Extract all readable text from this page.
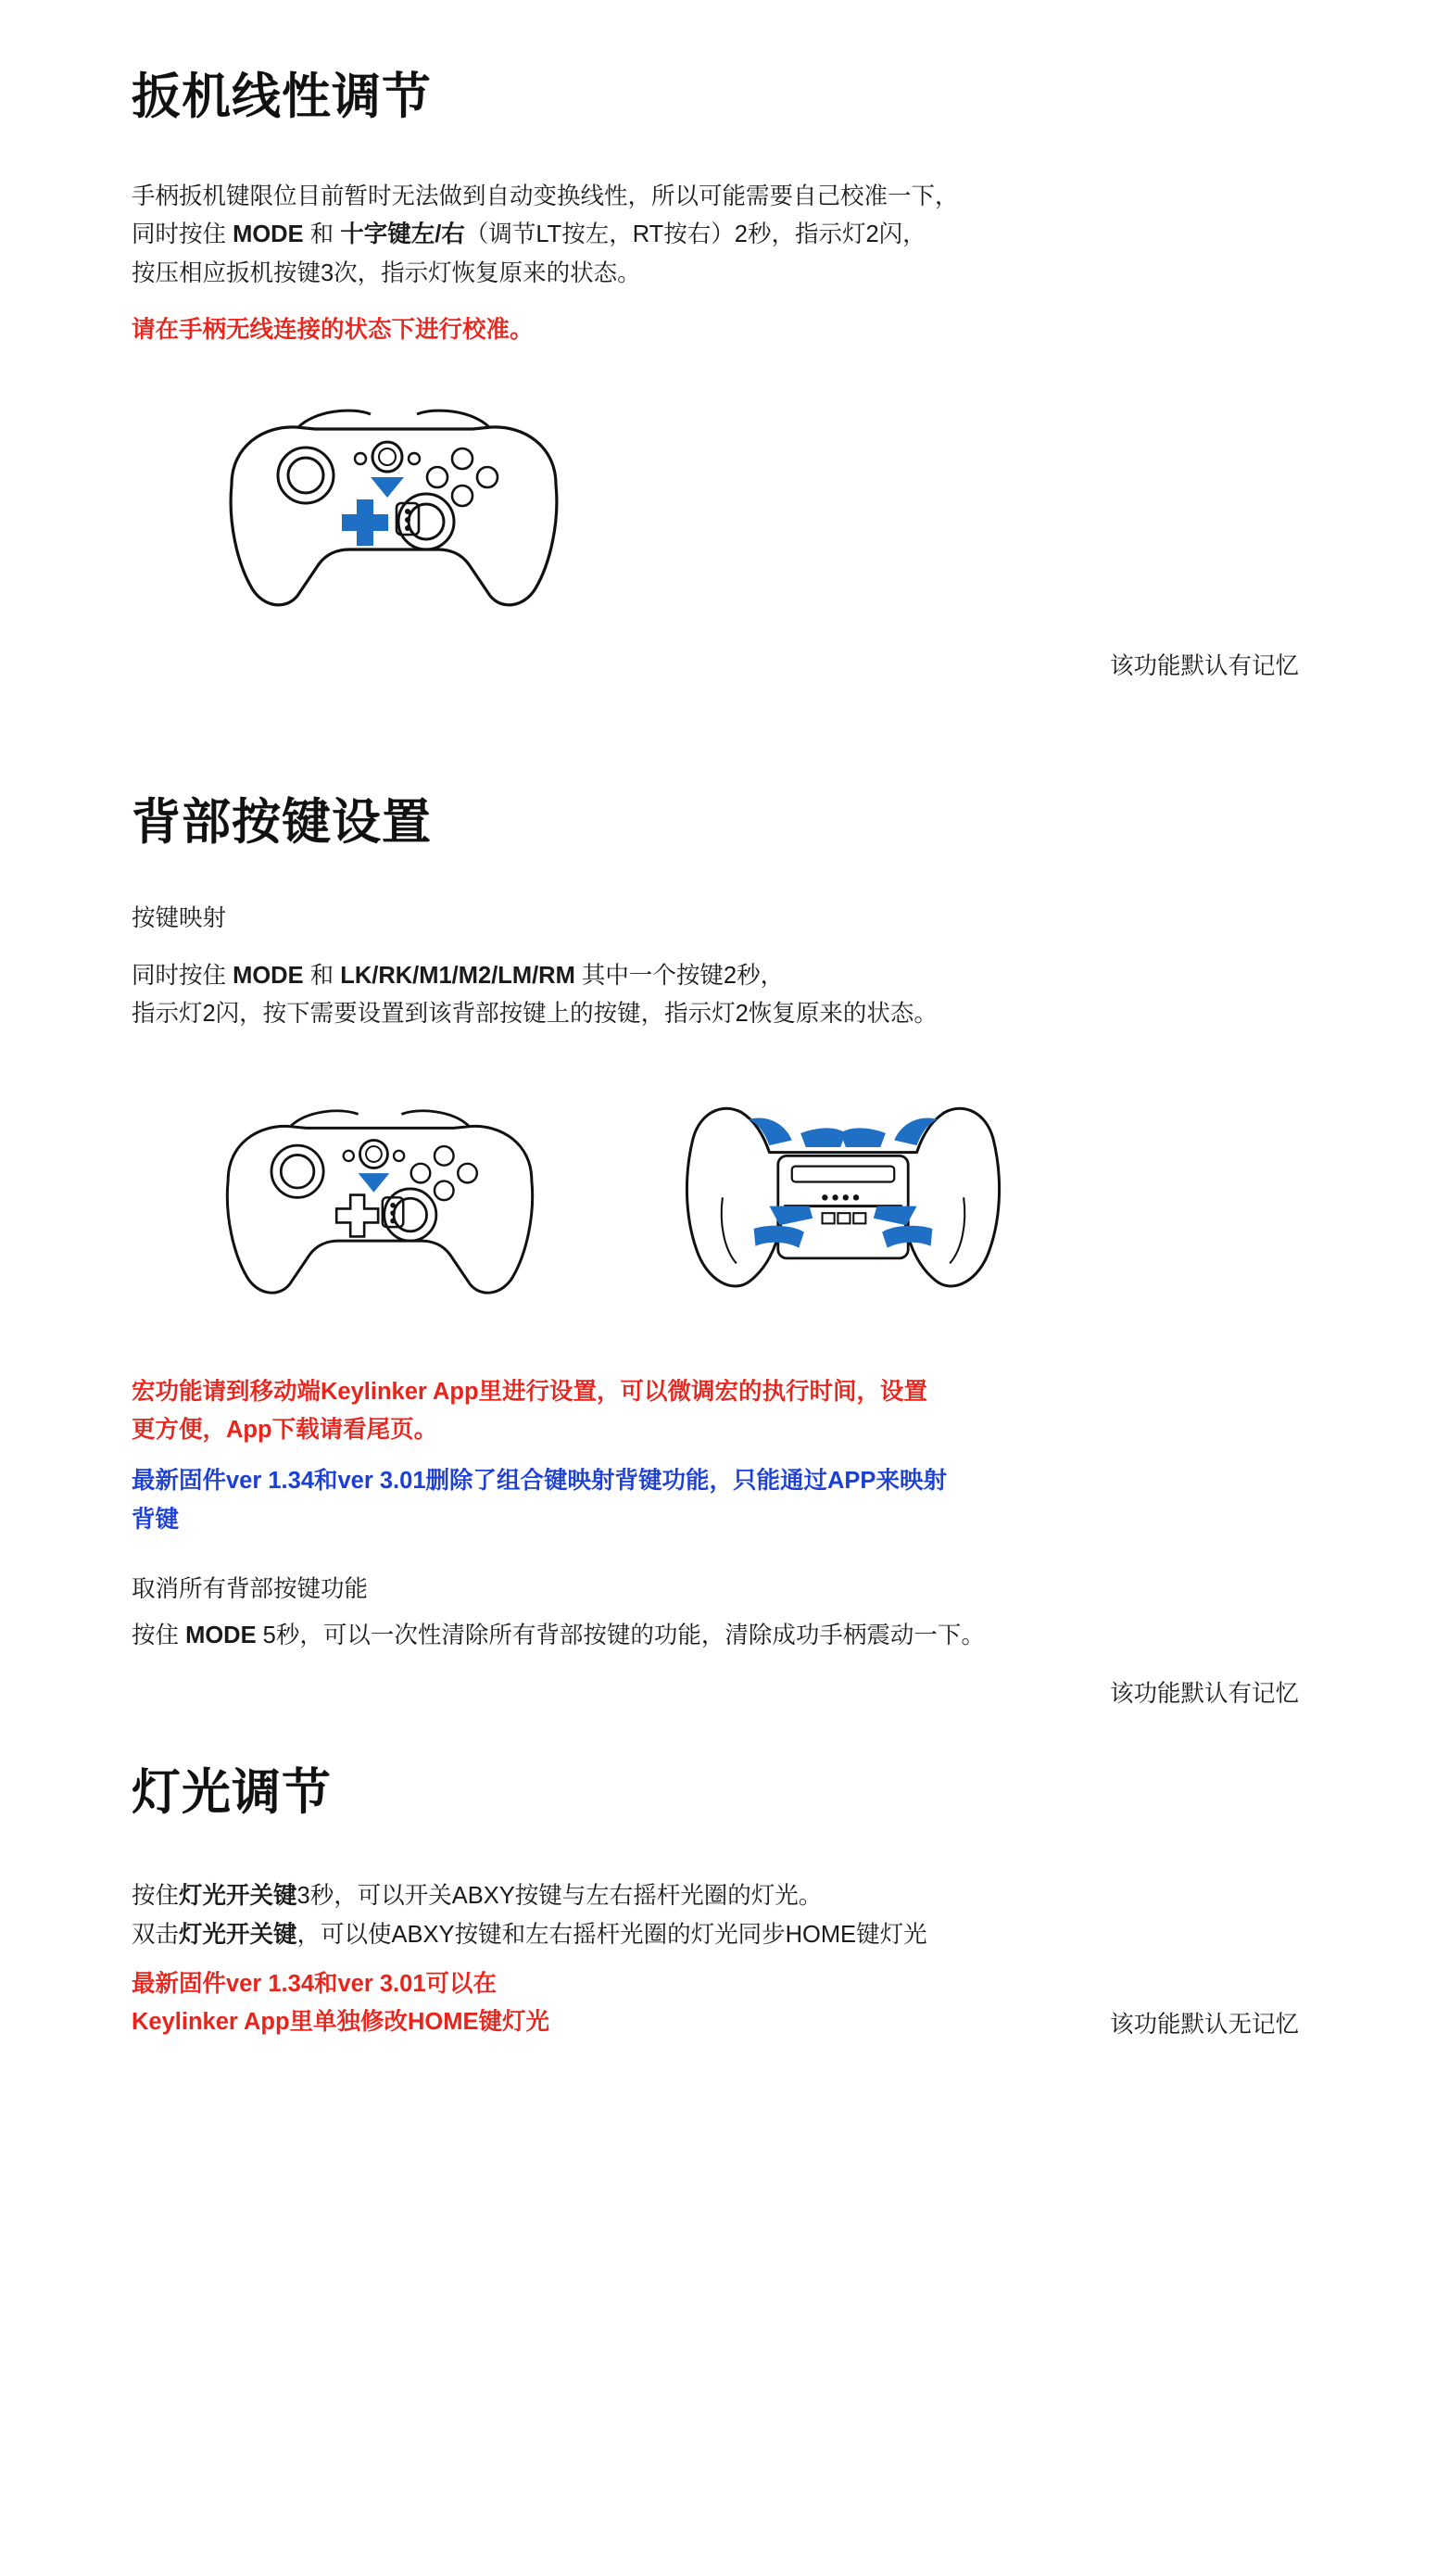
扳机线性调节
手柄扳机键限位目前暂时无法做到自动变换线性，所以可能需要自己校准一下，
同时按住 MODE 和 十字键左/右（调节LT按左，RT按右）2秒，指示灯2闪，
按压相应扳机按键3次，指示灯恢复原来的状态。
请在手柄无线连接的状态下进行校准。
该功能默认有记忆
背部按键设置
按键映射
同时按住 MODE 和 LK/RK/M1/M2/LM/RM 其中一个按键2秒，
指示灯2闪，按下需要设置到该背部按键上的按键，指示灯2恢复原来的状态。
宏功能请到移动端Keylinker App里进行设置，可以微调宏的执行时间，设置
更方便，App下载请看尾页。
最新固件ver 1.34和ver 3.01删除了组合键映射背键功能，只能通过APP来映射
背键
取消所有背部按键功能
按住 MODE 5秒，可以一次性清除所有背部按键的功能，清除成功手柄震动一下。
该功能默认有记忆
灯光调节
按住灯光开关键3秒，可以开关ABXY按键与左右摇杆光圈的灯光。
双击灯光开关键，可以使ABXY按键和左右摇杆光圈的灯光同步HOME键灯光
最新固件ver 1.34和ver 3.01可以在
Keylinker App里单独修改HOME键灯光	该功能默认无记忆
